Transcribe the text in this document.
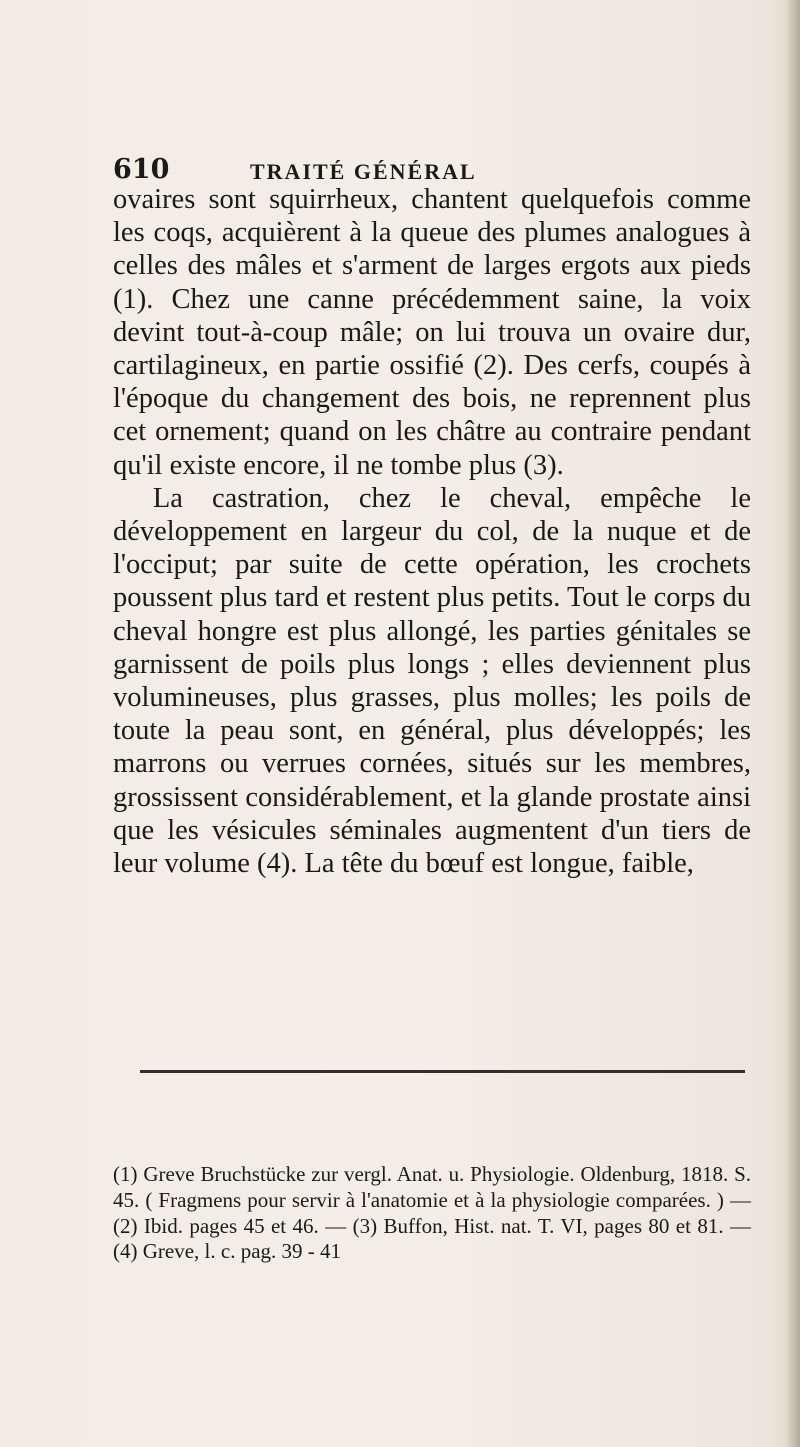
610	TRAITÉ GÉNÉRAL

ovaires sont squirrheux, chantent quelquefois comme les coqs, acquièrent à la queue des plumes analogues à celles des mâles et s'arment de larges ergots aux pieds (1). Chez une canne précédemment saine, la voix devint tout-à-coup mâle; on lui trouva un ovaire dur, cartilagineux, en partie ossifié (2). Des cerfs, coupés à l'époque du changement des bois, ne reprennent plus cet ornement; quand on les châtre au contraire pendant qu'il existe encore, il ne tombe plus (3).

La castration, chez le cheval, empêche le développement en largeur du col, de la nuque et de l'occiput; par suite de cette opération, les crochets poussent plus tard et restent plus petits. Tout le corps du cheval hongre est plus allongé, les parties génitales se garnissent de poils plus longs ; elles deviennent plus volumineuses, plus grasses, plus molles; les poils de toute la peau sont, en général, plus développés; les marrons ou verrues cornées, situés sur les membres, grossissent considérablement, et la glande prostate ainsi que les vésicules séminales augmentent d'un tiers de leur volume (4). La tête du bœuf est longue, faible,

(1) Greve Bruchstücke zur vergl. Anat. u. Physiologie. Oldenburg, 1818. S. 45. ( Fragmens pour servir à l'anatomie et à la physiologie comparées. ) — (2) Ibid. pages 45 et 46. — (3) Buffon, Hist. nat. T. VI, pages 80 et 81. — (4) Greve, l. c. pag. 39 - 41
